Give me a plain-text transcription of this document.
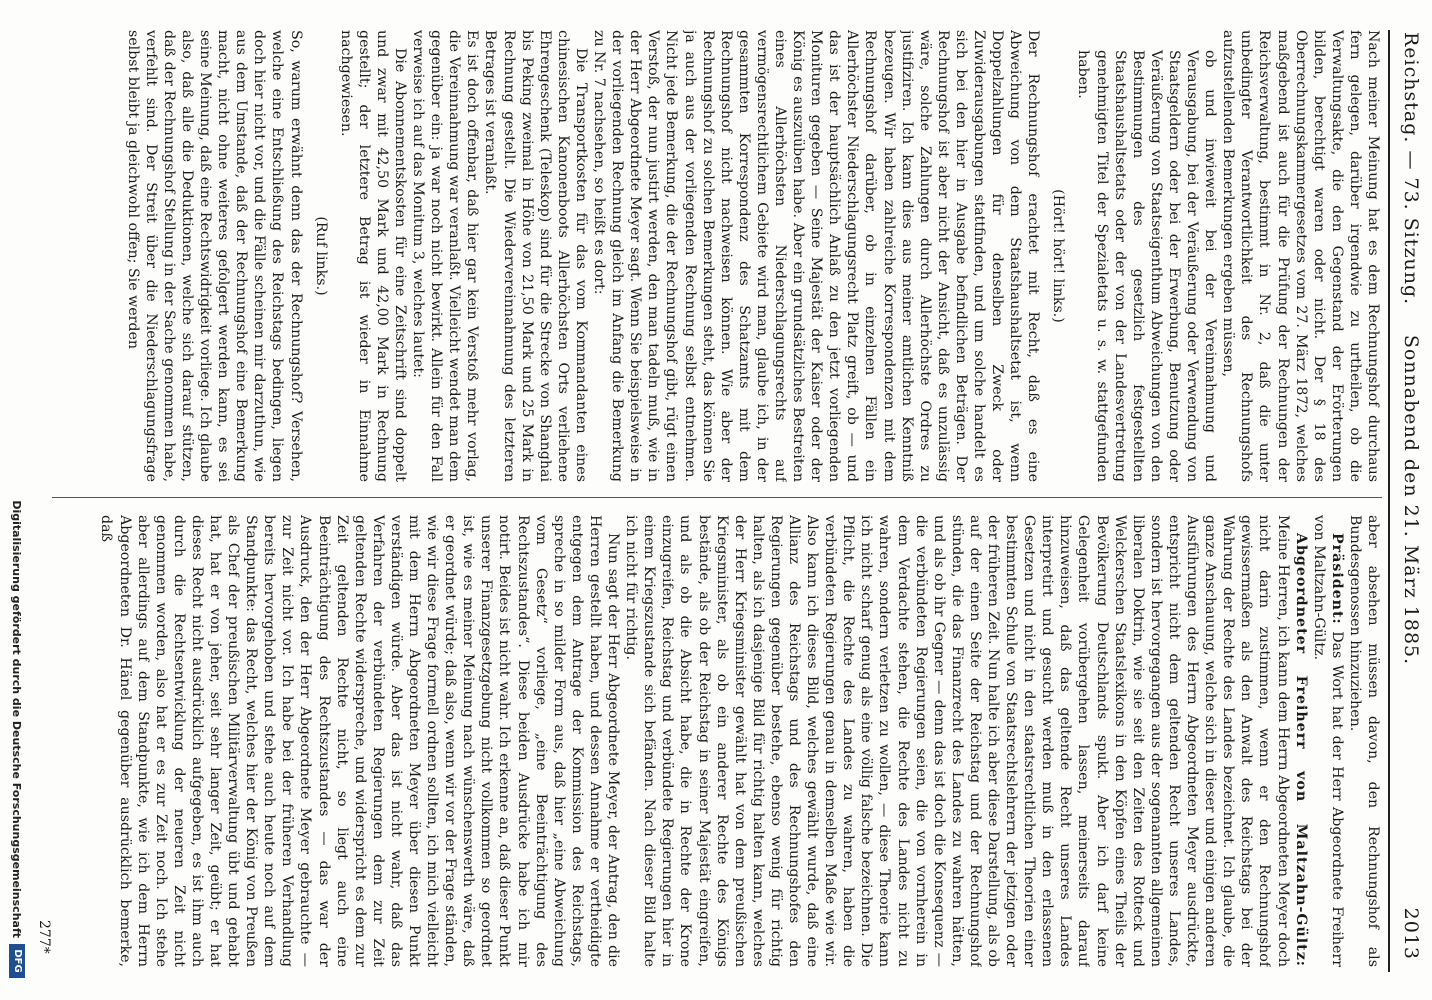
Reichstag. — 73. Sitzung.
Sonnabend den 21. März 1885.
2013

Nach meiner Meinung hat es dem Rechnungshof durchaus fern gelegen, darüber irgendwie zu urtheilen, ob die Verwaltungsakte, die den Gegenstand der Erörterungen bilden, berechtigt waren oder nicht. Der § 18 des Oberrechnungskammergesetzes vom 27. März 1872, welches maßgebend ist auch für die Prüfung der Rechnungen der Reichsverwaltung, bestimmt in Nr. 2, daß die unter unbedingter Verantwortlichkeit des Rechnungshofs aufzustellenden Bemerkungen ergeben müssen,

ob und inwieweit bei der Vereinnahmung und Verausgabung, bei der Veräußerung oder Verwendung von Staatsgeldern oder bei der Erwerbung, Benutzung oder Veräußerung von Staatseigenthum Abweichungen von den Bestimmungen des gesetzlich festgestellten Staatshaushaltsetats oder der von der Landesvertretung genehmigten Titel der Spezialetats u. s. w. stattgefunden haben.

(Hört! hört! links.)

Der Rechnungshof erachtet mit Recht, daß es eine Abweichung von dem Staatshaushaltsetat ist, wenn Doppelzahlungen für denselben Zweck oder Zuwiderausgabungen stattfinden, und um solche handelt es sich bei den hier in Ausgabe befindlichen Beträgen. Der Rechnungshof ist aber nicht der Ansicht, daß es unzulässig wäre, solche Zahlungen durch Allerhöchste Ordres zu justifiziren. Ich kann dies aus meiner amtlichen Kenntniß bezeugen. Wir haben zahlreiche Korrespondenzen mit dem Rechnungshof darüber, ob in einzelnen Fällen ein Allerhöchster Niederschlagungsrecht Platz greift, ob — und das ist der hauptsächlich Anlaß zu den jetzt vorliegenden Monituren gegeben — Seine Majestät der Kaiser oder der König es auszuüben habe. Aber ein grundsätzliches Bestreiten eines Allerhöchsten Niederschlagungsrechts auf vermögensrechtlichem Gebiete wird man, glaube ich, in der gesammten Korrespondenz des Schatzamts mit dem Rechnungshof nicht nachweisen können. Wie aber der Rechnungshof zu solchen Bemerkungen steht, das können Sie ja auch aus der vorliegenden Rechnung selbst entnehmen. Nicht jede Bemerkung, die der Rechnungshof gibt, rügt einen Verstoß, der nun justirt werden, den man tadeln muß, wie in der Herr Abgeordnete Meyer sagt. Wenn Sie beispielsweise in der vorliegenden Rechnung gleich im Anfang die Bemerkung zu Nr. 7 nachsehen, so heißt es dort:

Die Transportkosten für das vom Kommandanten eines chinesischen Kanonenboots Allerhöchsten Orts verliehene Ehrengeschenk (Teleskop) sind für die Strecke von Shanghai bis Peking zweimal in Höhe von 21,50 Mark und 25 Mark in Rechnung gestellt. Die Wiedervereinnahmung des letzteren Betrages ist veranlaßt.

Es ist doch offenbar, daß hier gar kein Verstoß mehr vorlag, die Vereinnahmung war veranlaßt. Vielleicht wendet man dem gegenüber ein: ja war noch nicht bewirkt. Allein für den Fall verweise ich auf das Monitum 3, welches lautet:

Die Abonnementskosten für eine Zeitschrift sind doppelt und zwar mit 42,50 Mark und 42,00 Mark in Rechnung gestellt; der letztere Betrag ist wieder in Einnahme nachgewiesen.

(Ruf links.)

So, warum erwähnt denn das der Rechnungshof? Versehen, welche eine Entschließung des Reichstags bedingen, liegen doch hier nicht vor, und die Fälle scheinen mir darzuthun, wie aus dem Umstande, daß der Rechnungshof eine Bemerkung macht, nicht ohne weiteres gefolgert werden kann, es sei seine Meinung, daß eine Rechtswidrigkeit vorliege. Ich glaube also, daß alle die Deduktionen, welche sich darauf stützen, daß der Rechnungshof Stellung in der Sache genommen habe, verfehlt sind. Der Streit über die Niederschlagungsfrage selbst bleibt ja gleichwohl offen; Sie werden

aber absehen müssen davon, den Rechnungshof als Bundesgenossen hinzuziehen.

Präsident: Das Wort hat der Herr Abgeordnete Freiherr von Maltzahn-Gültz.

Abgeordneter Freiherr von Maltzahn-Gültz: Meine Herren, ich kann dem Herrn Abgeordneten Meyer doch nicht darin zustimmen, wenn er den Rechnungshof gewissermaßen als den Anwalt des Reichstags bei der Wahrung der Rechte des Landes bezeichnet. Ich glaube, die ganze Anschauung, welche sich in dieser und einigen anderen Ausführungen des Herrn Abgeordneten Meyer ausdrückte, entspricht nicht dem geltenden Recht unseres Landes, sondern ist hervorgegangen aus der sogenannten allgemeinen liberalen Doktrin, wie sie seit den Zeiten des Rotteck und Welckerschen Staatslexikons in den Köpfen eines Theils der Bevölkerung Deutschlands spukt. Aber ich darf keine Gelegenheit vorübergehen lassen, meinerseits darauf hinzuweisen, daß das geltende Recht unseres Landes interpretirt und gesucht werden muß in den erlassenen Gesetzen und nicht in den staatsrechtlichen Theorien einer bestimmten Schule von Staatsrechtslehrern der jetzigen oder der früheren Zeit. Nun halte ich aber diese Darstellung, als ob auf der einen Seite der Reichstag und der Rechnungshof stünden, die das Finanzrecht des Landes zu wahren hätten, und als ob ihr Gegner — denn das ist doch die Konsequenz — die verbündeten Regierungen seien, die von vornherein in dem Verdachte stehen, die Rechte des Landes nicht zu wahren, sondern verletzen zu wollen, — diese Theorie kann ich nicht scharf genug als eine völlig falsche bezeichnen. Die Pflicht, die Rechte des Landes zu wahren, haben die verbündeten Regierungen genau in demselben Maße wie wir. Also kann ich dieses Bild, welches gewählt wurde, daß eine Allianz des Reichstags und des Rechnungshofes den Regierungen gegenüber bestehe, ebenso wenig für richtig halten, als ich dasjenige Bild für richtig halten kann, welches der Herr Kriegsminister gewählt hat von dem preußischen Kriegsminister, als ob ein anderer Rechte des Königs bestände, als ob der Reichstag in seiner Majestät eingreifen, und als ob die Absicht habe, die in Rechte der Krone einzugreifen, Reichstag und verbündete Regierungen hier in einem Kriegszustande sich befänden. Nach dieser Bild halte ich nicht für richtig.

Nun sagt der Herr Abgeordnete Meyer, der Antrag, den die Herren gestellt haben, und dessen Annahme er vertheidigte entgegen dem Antrage der Kommission des Reichstags, spreche in so milder Form aus, daß hier „eine Abweichung vom Gesetz“ vorliege, „eine Beeinträchtigung des Rechtszustandes“. Diese beiden Ausdrücke habe ich mir notirt. Beides ist nicht wahr. Ich erkenne an, daß dieser Punkt unserer Finanzgesetzgebung nicht vollkommen so geordnet ist, wie es meiner Meinung nach wünschenswerth wäre, daß er geordnet würde; daß also, wenn wir vor der Frage ständen, wie wir diese Frage formell ordnen sollten, ich mich vielleicht mit dem Herrn Abgeordneten Meyer über diesen Punkt verständigen würde. Aber das ist nicht wahr, daß das Verfahren der verbündeten Regierungen dem zur Zeit geltenden Rechte widerspreche, und widerspricht es dem zur Zeit geltenden Rechte nicht, so liegt auch eine Beeinträchtigung des Rechtszustandes — das war der Ausdruck, den der Herr Abgeordnete Meyer gebrauchte — zur Zeit nicht vor. Ich habe bei der früheren Verhandlung bereits hervorgehoben und stehe auch heute noch auf dem Standpunkte: das Recht, welches hier der König von Preußen als Chef der preußischen Militärverwaltung übt und gehabt hat, hat er von jeher, seit sehr langer Zeit, geübt; er hat dieses Recht nicht ausdrücklich aufgegeben, es ist ihm auch durch die Rechtsentwicklung der neueren Zeit nicht genommen worden, also hat er es zur Zeit noch. Ich stehe aber allerdings auf dem Standpunkte, wie ich dem Herrn Abgeordneten Dr. Hänel gegenüber ausdrücklich bemerke, daß

277*
Digitalisierung gefördert durch die Deutsche Forschungsgemeinschaft
DFG
